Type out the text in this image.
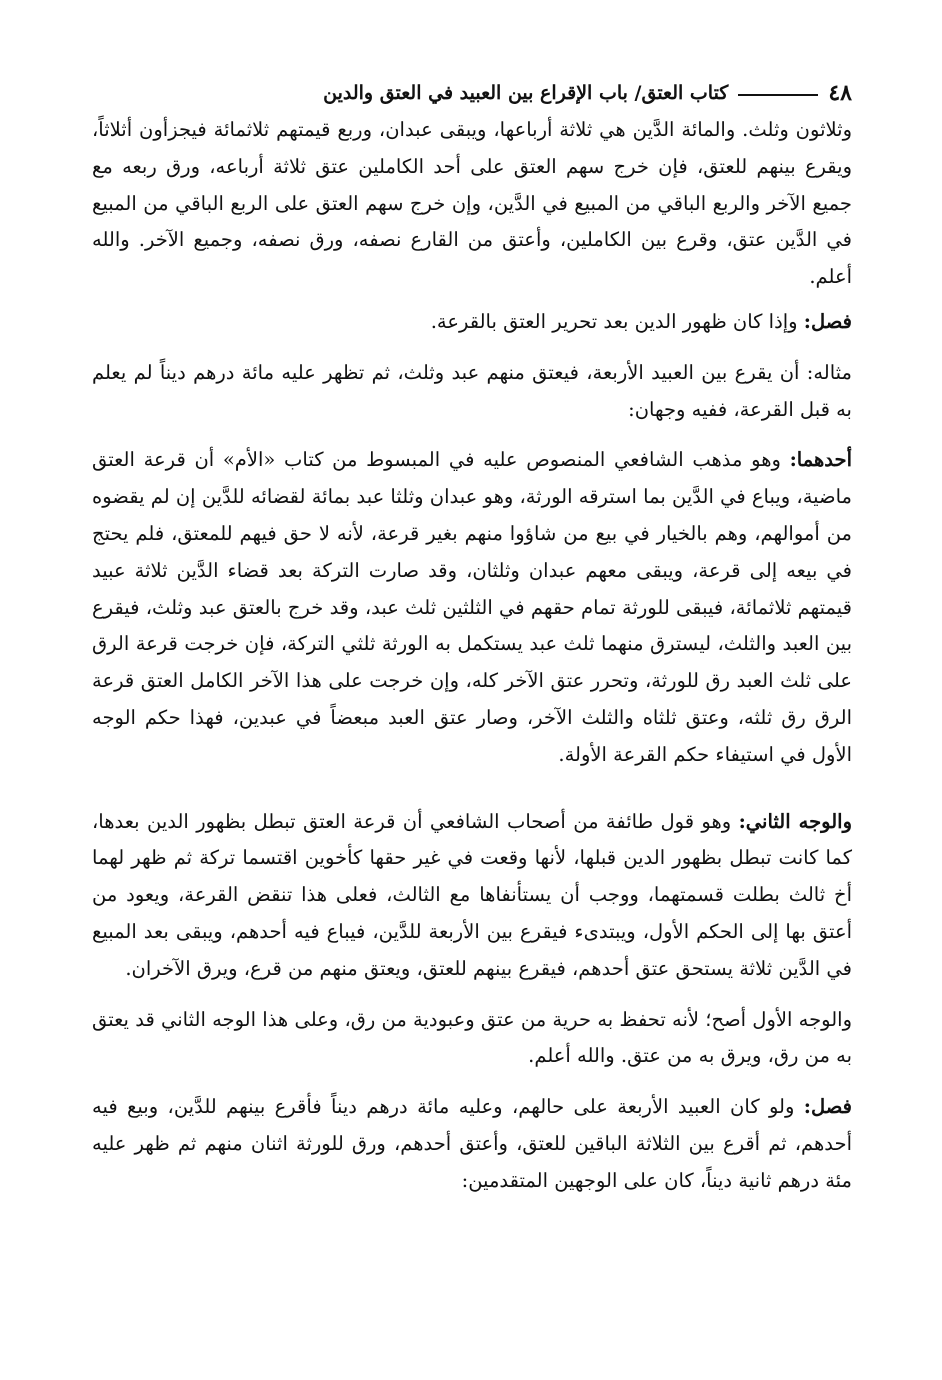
٤٨
كتاب العتق/ باب الإقراع بين العبيد في العتق والدين

وثلاثون وثلث. والمائة الدَّين هي ثلاثة أرباعها، ويبقى عبدان، وربع قيمتهم ثلاثمائة فيجزأون أثلاثاً، ويقرع بينهم للعتق، فإن خرج سهم العتق على أحد الكاملين عتق ثلاثة أرباعه، ورق ربعه مع جميع الآخر والربع الباقي من المبيع في الدَّين، وإن خرج سهم العتق على الربع الباقي من المبيع في الدَّين عتق، وقرع بين الكاملين، وأعتق من القارع نصفه، ورق نصفه، وجميع الآخر. والله أعلم.

فصل: وإذا كان ظهور الدين بعد تحرير العتق بالقرعة.

مثاله: أن يقرع بين العبيد الأربعة، فيعتق منهم عبد وثلث، ثم تظهر عليه مائة درهم ديناً لم يعلم به قبل القرعة، ففيه وجهان:

أحدهما: وهو مذهب الشافعي المنصوص عليه في المبسوط من كتاب «الأم» أن قرعة العتق ماضية، ويباع في الدَّين بما استرقه الورثة، وهو عبدان وثلثا عبد بمائة لقضائه للدَّين إن لم يقضوه من أموالهم، وهم بالخيار في بيع من شاؤوا منهم بغير قرعة، لأنه لا حق فيهم للمعتق، فلم يحتج في بيعه إلى قرعة، ويبقى معهم عبدان وثلثان، وقد صارت التركة بعد قضاء الدَّين ثلاثة عبيد قيمتهم ثلاثمائة، فيبقى للورثة تمام حقهم في الثلثين ثلث عبد، وقد خرج بالعتق عبد وثلث، فيقرع بين العبد والثلث، ليسترق منهما ثلث عبد يستكمل به الورثة ثلثي التركة، فإن خرجت قرعة الرق على ثلث العبد رق للورثة، وتحرر عتق الآخر كله، وإن خرجت على هذا الآخر الكامل العتق قرعة الرق رق ثلثه، وعتق ثلثاه والثلث الآخر، وصار عتق العبد مبعضاً في عبدين، فهذا حكم الوجه الأول في استيفاء حكم القرعة الأولة.

والوجه الثاني: وهو قول طائفة من أصحاب الشافعي أن قرعة العتق تبطل بظهور الدين بعدها، كما كانت تبطل بظهور الدين قبلها، لأنها وقعت في غير حقها كأخوين اقتسما تركة ثم ظهر لهما أخ ثالث بطلت قسمتهما، ووجب أن يستأنفاها مع الثالث، فعلى هذا تنقض القرعة، ويعود من أعتق بها إلى الحكم الأول، ويبتدىء فيقرع بين الأربعة للدَّين، فيباع فيه أحدهم، ويبقى بعد المبيع في الدَّين ثلاثة يستحق عتق أحدهم، فيقرع بينهم للعتق، ويعتق منهم من قرع، ويرق الآخران.

والوجه الأول أصح؛ لأنه تحفظ به حرية من عتق وعبودية من رق، وعلى هذا الوجه الثاني قد يعتق به من رق، ويرق به من عتق. والله أعلم.

فصل: ولو كان العبيد الأربعة على حالهم، وعليه مائة درهم ديناً فأقرع بينهم للدَّين، وبيع فيه أحدهم، ثم أقرع بين الثلاثة الباقين للعتق، وأعتق أحدهم، ورق للورثة اثنان منهم ثم ظهر عليه مئة درهم ثانية ديناً، كان على الوجهين المتقدمين:
